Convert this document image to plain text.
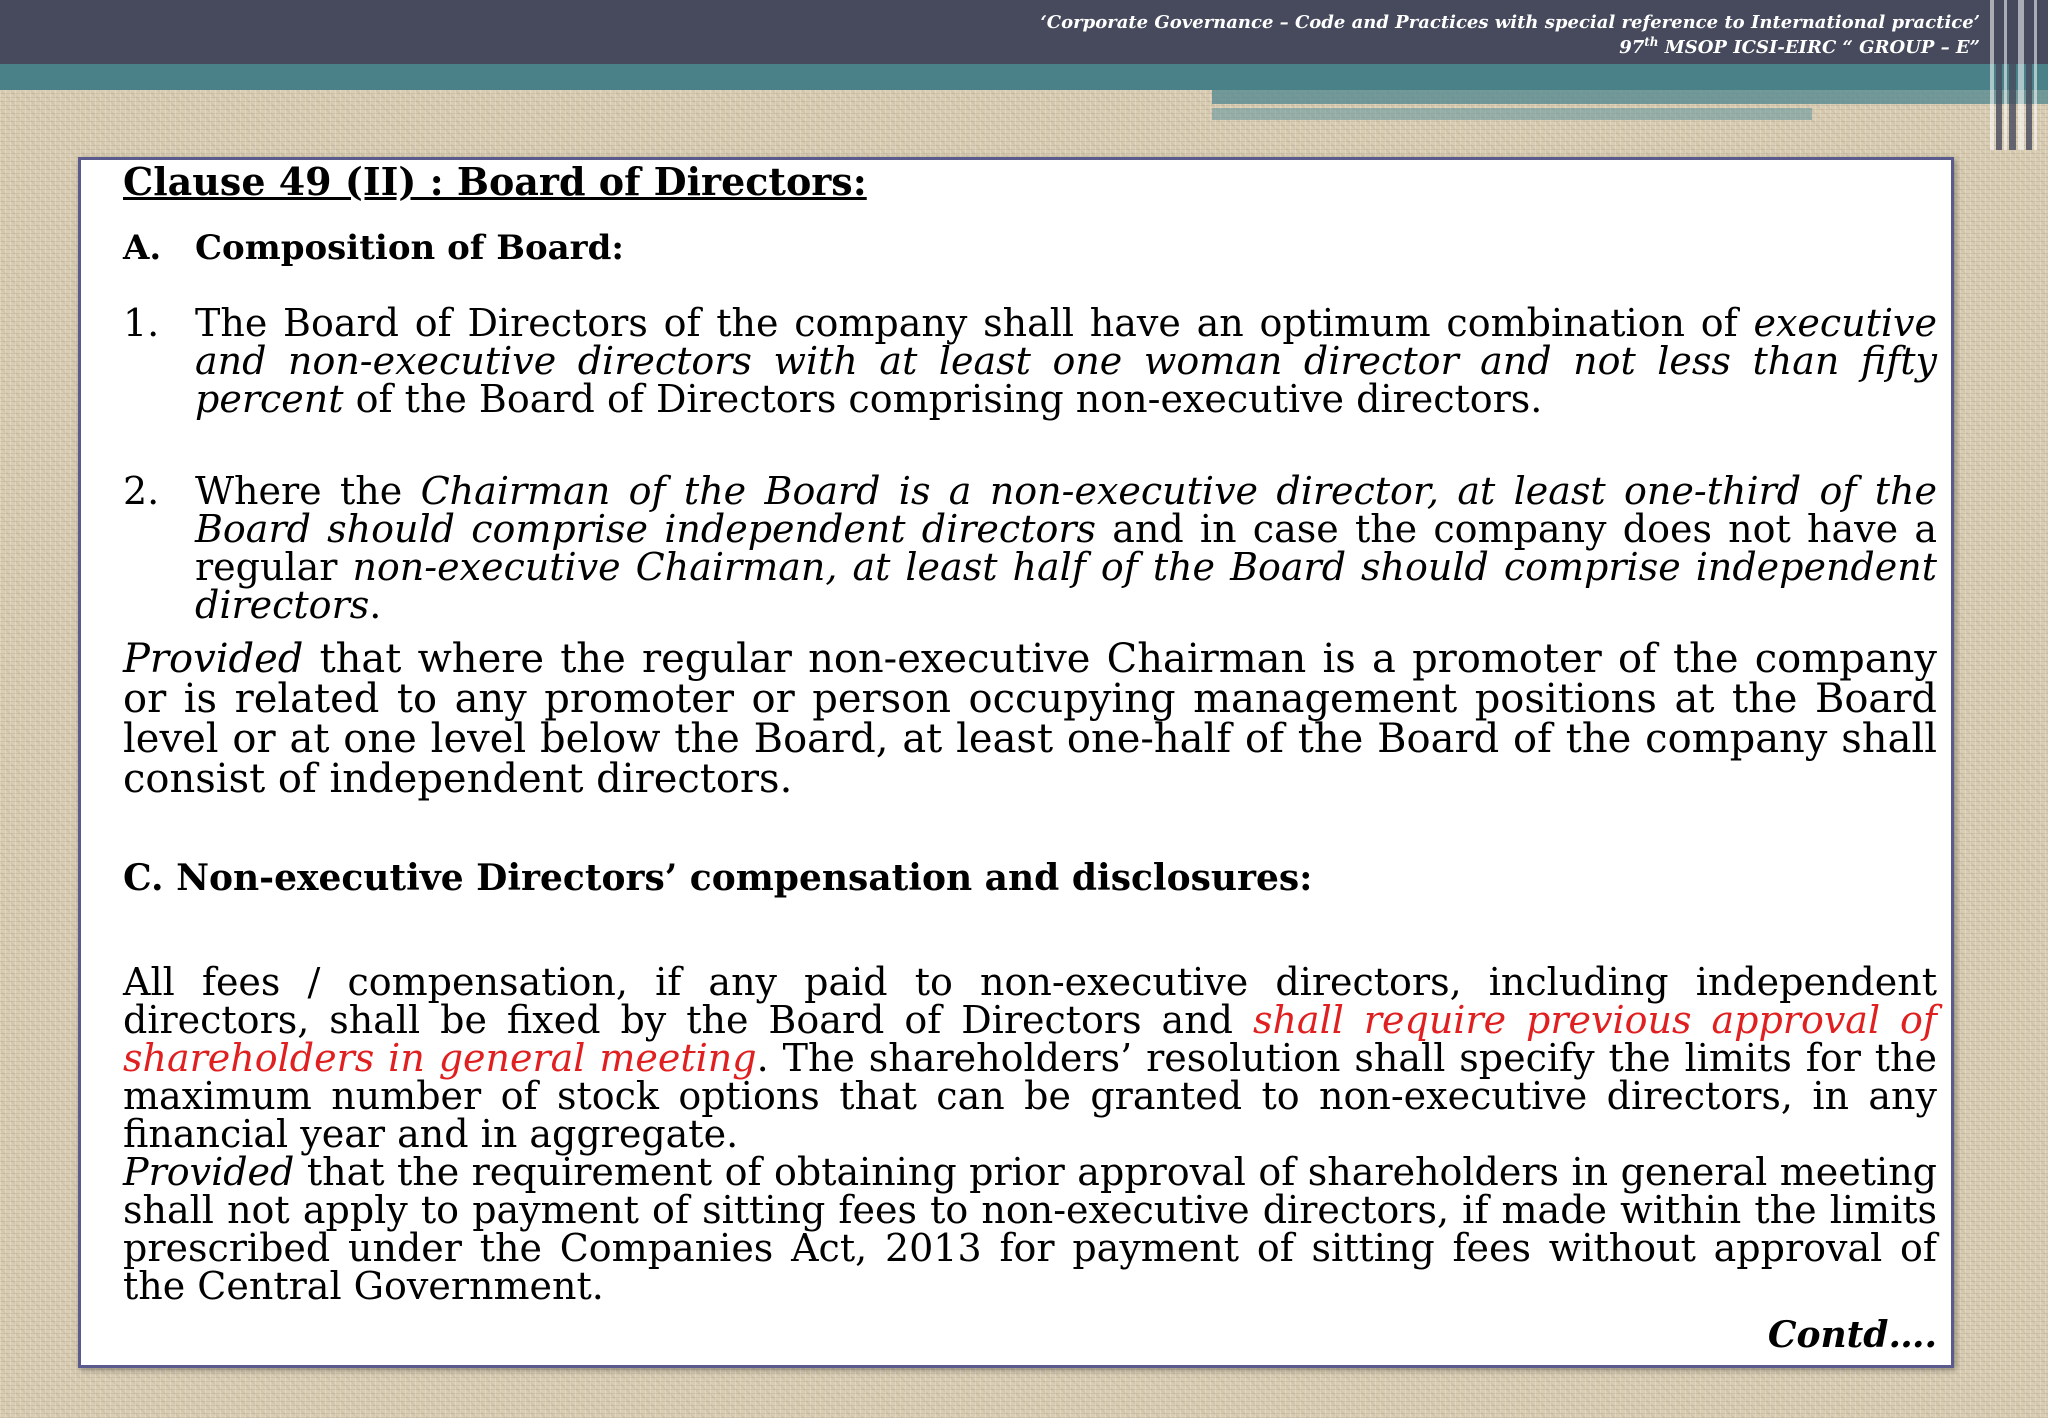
‘Corporate Governance – Code and Practices with special reference to International practice’
97th MSOP ICSI-EIRC “ GROUP – E”
Clause 49 (II) : Board of Directors:
A. Composition of Board:
1. The Board of Directors of the company shall have an optimum combination of executive and non-executive directors with at least one woman director and not less than fifty percent of the Board of Directors comprising non-executive directors.
2. Where the Chairman of the Board is a non-executive director, at least one-third of the Board should comprise independent directors and in case the company does not have a regular non-executive Chairman, at least half of the Board should comprise independent directors.
Provided that where the regular non-executive Chairman is a promoter of the company or is related to any promoter or person occupying management positions at the Board level or at one level below the Board, at least one-half of the Board of the company shall consist of independent directors.
C. Non-executive Directors’ compensation and disclosures:
All fees / compensation, if any paid to non-executive directors, including independent directors, shall be fixed by the Board of Directors and shall require previous approval of shareholders in general meeting. The shareholders’ resolution shall specify the limits for the maximum number of stock options that can be granted to non-executive directors, in any financial year and in aggregate.
Provided that the requirement of obtaining prior approval of shareholders in general meeting shall not apply to payment of sitting fees to non-executive directors, if made within the limits prescribed under the Companies Act, 2013 for payment of sitting fees without approval of the Central Government.
Contd….
